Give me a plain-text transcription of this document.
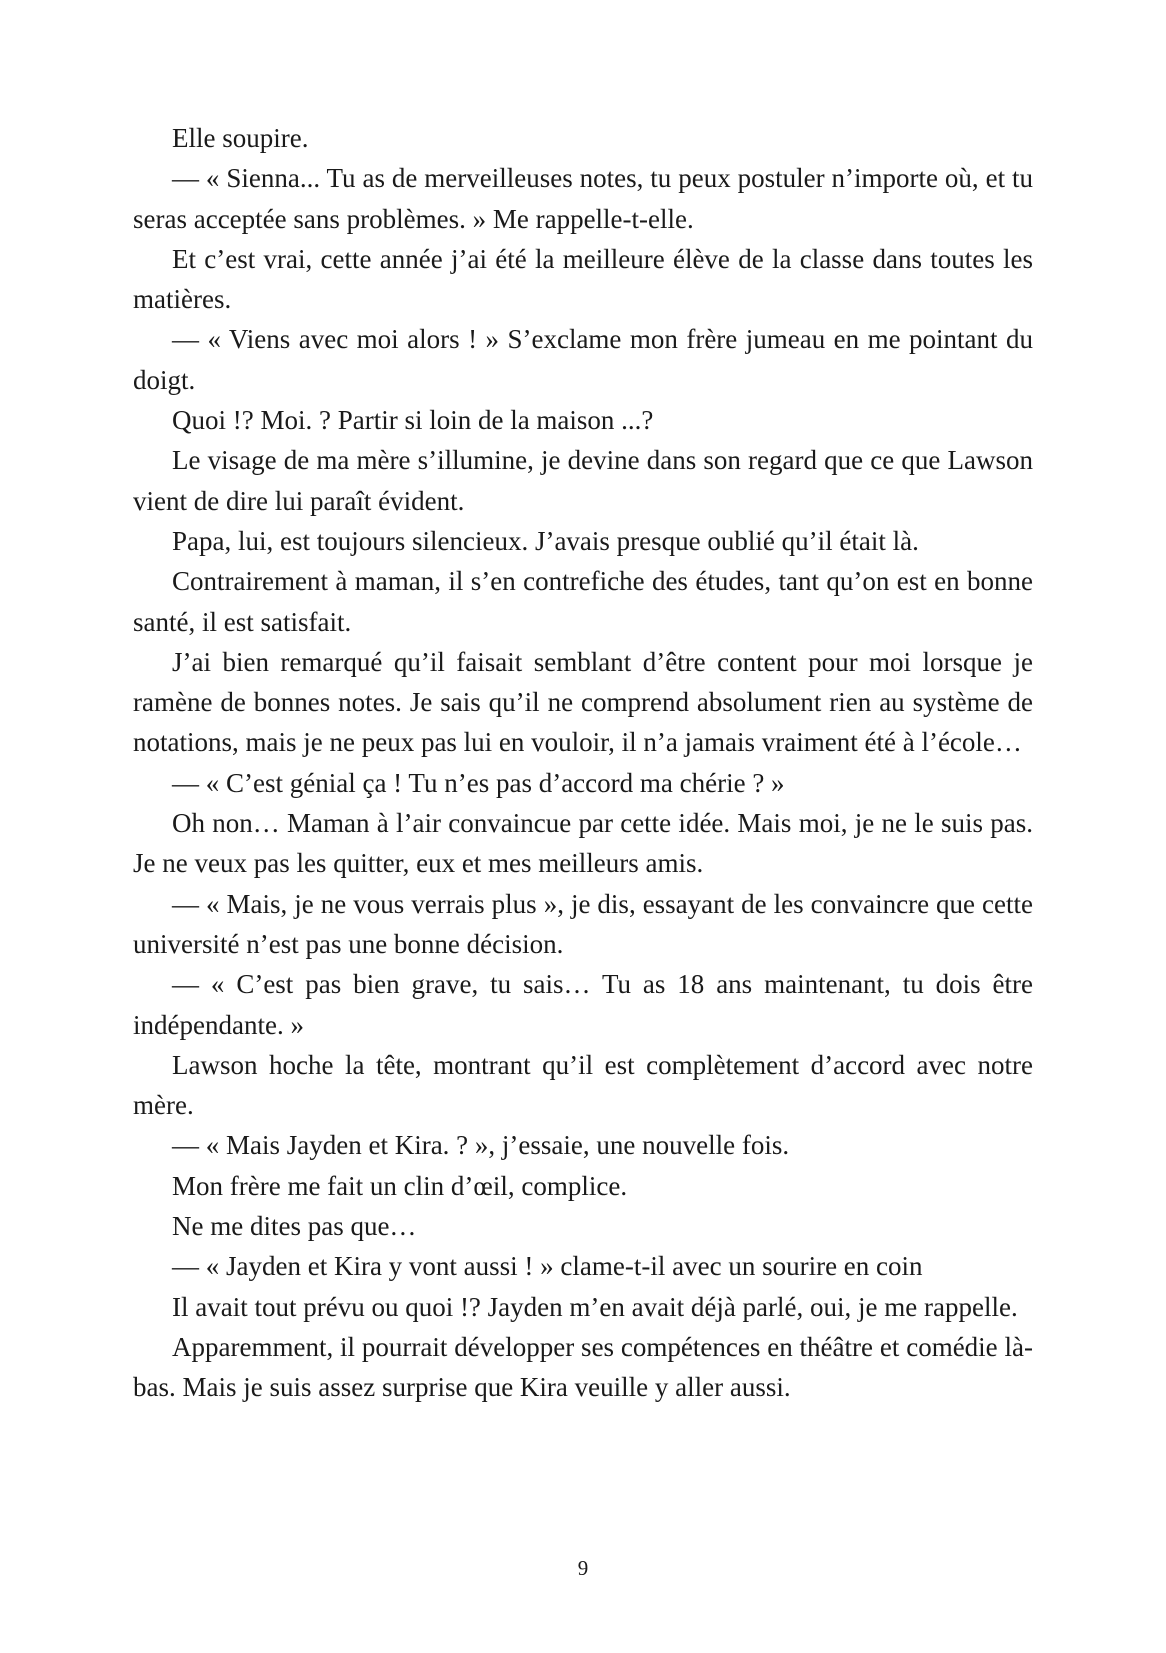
Elle soupire.

— « Sienna... Tu as de merveilleuses notes, tu peux postuler n’importe où, et tu seras acceptée sans problèmes. » Me rappelle-t-elle.

Et c’est vrai, cette année j’ai été la meilleure élève de la classe dans toutes les matières.

— « Viens avec moi alors ! » S’exclame mon frère jumeau en me pointant du doigt.

Quoi !? Moi. ? Partir si loin de la maison ...?

Le visage de ma mère s’illumine, je devine dans son regard que ce que Lawson vient de dire lui paraît évident.

Papa, lui, est toujours silencieux. J’avais presque oublié qu’il était là.

Contrairement à maman, il s’en contrefiche des études, tant qu’on est en bonne santé, il est satisfait.

J’ai bien remarqué qu’il faisait semblant d’être content pour moi lorsque je ramène de bonnes notes. Je sais qu’il ne comprend absolument rien au système de notations, mais je ne peux pas lui en vouloir, il n’a jamais vraiment été à l’école…

— « C’est génial ça ! Tu n’es pas d’accord ma chérie ? »

Oh non… Maman à l’air convaincue par cette idée. Mais moi, je ne le suis pas. Je ne veux pas les quitter, eux et mes meilleurs amis.

— « Mais, je ne vous verrais plus », je dis, essayant de les convaincre que cette université n’est pas une bonne décision.

— « C’est pas bien grave, tu sais… Tu as 18 ans maintenant, tu dois être indépendante. »

Lawson hoche la tête, montrant qu’il est complètement d’accord avec notre mère.

— « Mais Jayden et Kira. ? », j’essaie, une nouvelle fois.

Mon frère me fait un clin d’œil, complice.

Ne me dites pas que…

— « Jayden et Kira y vont aussi ! » clame-t-il avec un sourire en coin

Il avait tout prévu ou quoi !? Jayden m’en avait déjà parlé, oui, je me rappelle.

Apparemment, il pourrait développer ses compétences en théâtre et comédie là-bas. Mais je suis assez surprise que Kira veuille y aller aussi.

9
